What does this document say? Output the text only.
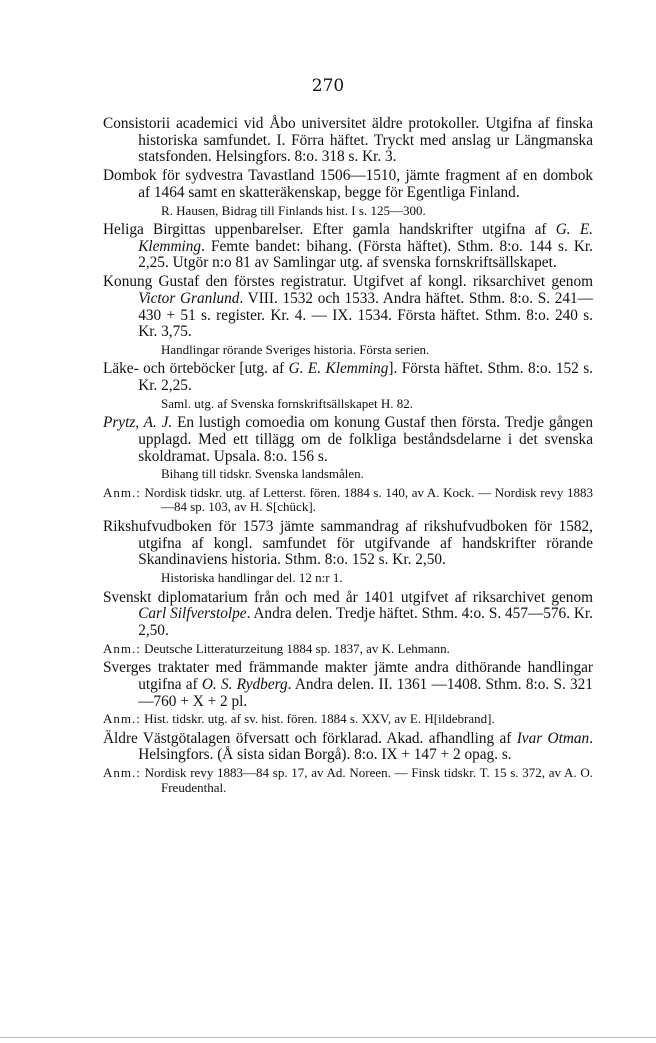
270
Consistorii academici vid Åbo universitet äldre protokoller. Utgifna af finska historiska samfundet. I. Förra häftet. Tryckt med anslag ur Längmanska statsfonden. Helsingfors. 8:o. 318 s. Kr. 3.
Dombok för sydvestra Tavastland 1506—1510, jämte fragment af en dombok af 1464 samt en skatteräkenskap, begge för Egentliga Finland.
R. Hausen, Bidrag till Finlands hist. I s. 125—300.
Heliga Birgittas uppenbarelser. Efter gamla handskrifter utgifna af G. E. Klemming. Femte bandet: bihang. (Första häftet). Sthm. 8:o. 144 s. Kr. 2,25. Utgör n:o 81 av Samlingar utg. af svenska fornskriftsällskapet.
Konung Gustaf den förstes registratur. Utgifvet af kongl. riksarchivet genom Victor Granlund. VIII. 1532 och 1533. Andra häftet. Sthm. 8:o. S. 241—430 + 51 s. register. Kr. 4. — IX. 1534. Första häftet. Sthm. 8:o. 240 s. Kr. 3,75.
Handlingar rörande Sveriges historia. Första serien.
Läke- och örteböcker [utg. af G. E. Klemming]. Första häftet. Sthm. 8:o. 152 s. Kr. 2,25.
Saml. utg. af Svenska fornskriftsällskapet H. 82.
Prytz, A. J. En lustigh comoedia om konung Gustaf then första. Tredje gången upplagd. Med ett tillägg om de folkliga beståndsdelarne i det svenska skoldramat. Upsala. 8:o. 156 s.
Bihang till tidskr. Svenska landsmålen.
Anm.: Nordisk tidskr. utg. af Letterst. fören. 1884 s. 140, av A. Kock. — Nordisk revy 1883—84 sp. 103, av H. S[chück].
Rikshufvudboken för 1573 jämte sammandrag af rikshufvudboken för 1582, utgifna af kongl. samfundet för utgifvande af handskrifter rörande Skandinaviens historia. Sthm. 8:o. 152 s. Kr. 2,50.
Historiska handlingar del. 12 n:r 1.
Svenskt diplomatarium från och med år 1401 utgifvet af riksarchivet genom Carl Silfverstolpe. Andra delen. Tredje häftet. Sthm. 4:o. S. 457—576. Kr. 2,50.
Anm.: Deutsche Litteraturzeitung 1884 sp. 1837, av K. Lehmann.
Sverges traktater med främmande makter jämte andra dithörande handlingar utgifna af O. S. Rydberg. Andra delen. II. 1361 —1408. Sthm. 8:o. S. 321—760 + X + 2 pl.
Anm.: Hist. tidskr. utg. af sv. hist. fören. 1884 s. XXV, av E. H[ildebrand].
Äldre Västgötalagen öfversatt och förklarad. Akad. afhandling af Ivar Otman. Helsingfors. (Å sista sidan Borgå). 8:o. IX + 147 + 2 opag. s.
Anm.: Nordisk revy 1883—84 sp. 17, av Ad. Noreen. — Finsk tidskr. T. 15 s. 372, av A. O. Freudenthal.
